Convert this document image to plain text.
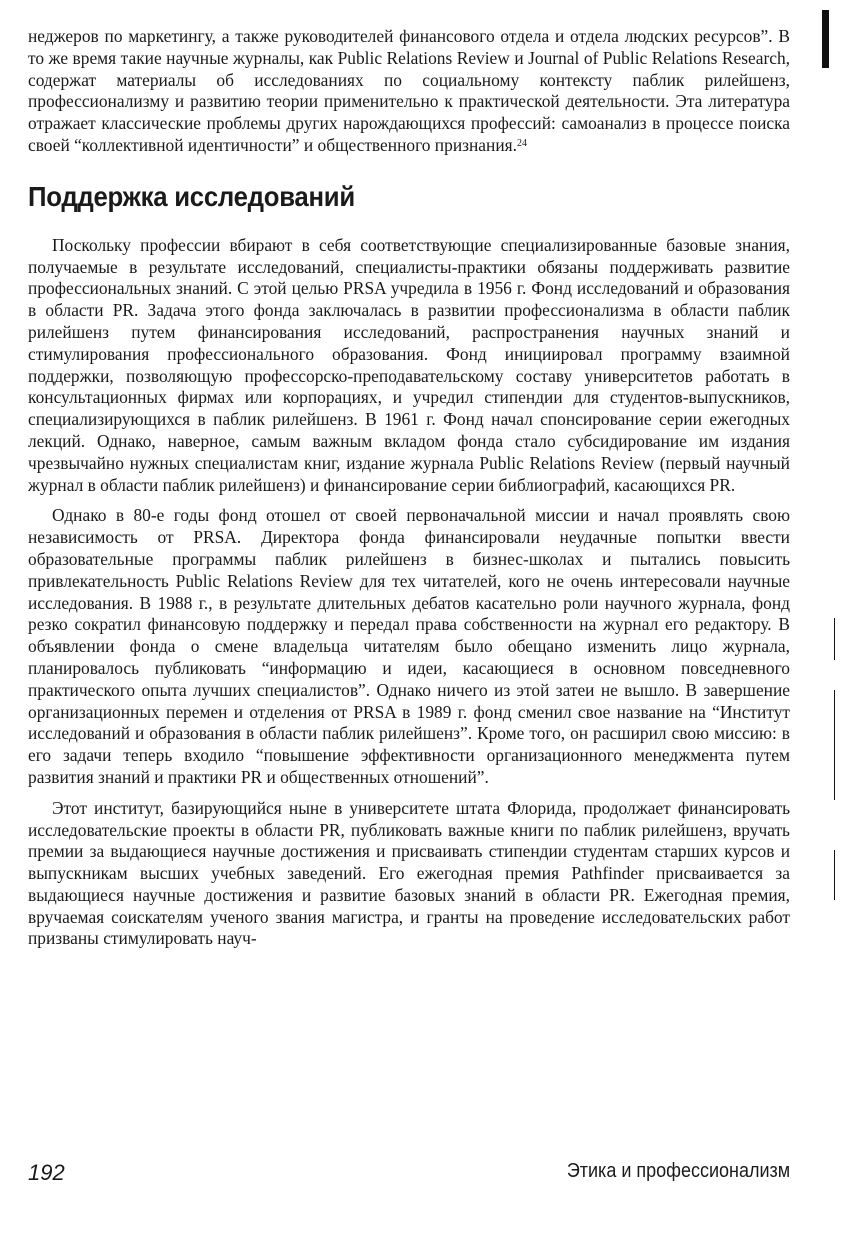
неджеров по маркетингу, а также руководителей финансового отдела и отдела людских ресурсов”. В то же время такие научные журналы, как Public Relations Review и Journal of Public Relations Research, содержат материалы об исследованиях по социальному контексту паблик рилейшенз, профессионализму и развитию теории применительно к практической деятельности. Эта литература отражает классические проблемы других нарождающихся профессий: самоанализ в процессе поиска своей “коллективной идентичности” и общественного признания.$^{24}$

Поддержка исследований

Поскольку профессии вбирают в себя соответствующие специализированные базовые знания, получаемые в результате исследований, специалисты-практики обязаны поддерживать развитие профессиональных знаний. С этой целью PRSA учредила в 1956 г. Фонд исследований и образования в области PR. Задача этого фонда заключалась в развитии профессионализма в области паблик рилейшенз путем финансирования исследований, распространения научных знаний и стимулирования профессионального образования. Фонд инициировал программу взаимной поддержки, позволяющую профессорско-преподавательскому составу университетов работать в консультационных фирмах или корпорациях, и учредил стипендии для студентов-выпускников, специализирующихся в паблик рилейшенз. В 1961 г. Фонд начал спонсирование серии ежегодных лекций. Однако, наверное, самым важным вкладом фонда стало субсидирование им издания чрезвычайно нужных специалистам книг, издание журнала Public Relations Review (первый научный журнал в области паблик рилейшенз) и финансирование серии библиографий, касающихся PR.

Однако в 80-е годы фонд отошел от своей первоначальной миссии и начал проявлять свою независимость от PRSA. Директора фонда финансировали неудачные попытки ввести образовательные программы паблик рилейшенз в бизнес-школах и пытались повысить привлекательность Public Relations Review для тех читателей, кого не очень интересовали научные исследования. В 1988 г., в результате длительных дебатов касательно роли научного журнала, фонд резко сократил финансовую поддержку и передал права собственности на журнал его редактору. В объявлении фонда о смене владельца читателям было обещано изменить лицо журнала, планировалось публиковать “информацию и идеи, касающиеся в основном повседневного практического опыта лучших специалистов”. Однако ничего из этой затеи не вышло. В завершение организационных перемен и отделения от PRSA в 1989 г. фонд сменил свое название на “Институт исследований и образования в области паблик рилейшенз”. Кроме того, он расширил свою миссию: в его задачи теперь входило “повышение эффективности организационного менеджмента путем развития знаний и практики PR и общественных отношений”.

Этот институт, базирующийся ныне в университете штата Флорида, продолжает финансировать исследовательские проекты в области PR, публиковать важные книги по паблик рилейшенз, вручать премии за выдающиеся научные достижения и присваивать стипендии студентам старших курсов и выпускникам высших учебных заведений. Его ежегодная премия Pathfinder присваивается за выдающиеся научные достижения и развитие базовых знаний в области PR. Ежегодная премия, вручаемая соискателям ученого звания магистра, и гранты на проведение исследовательских работ призваны стимулировать науч-

192	Этика и профессионализм
